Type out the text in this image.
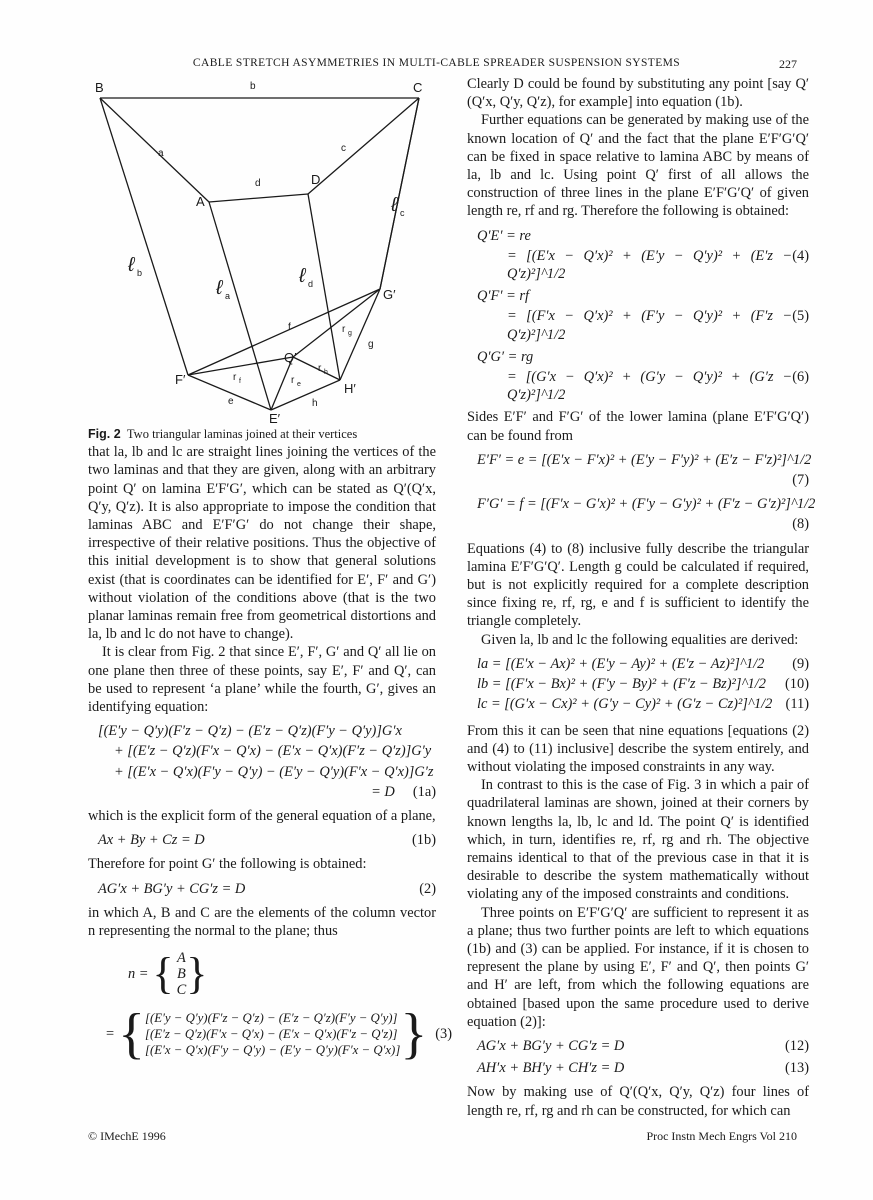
CABLE STRETCH ASYMMETRIES IN MULTI-CABLE SPREADER SUSPENSION SYSTEMS	227
B	C
b
a	c
d	D
A	ℓ c
ℓ b
ℓ a
ℓ d
G′
f	r g
g
Q′
r h
F′	r f	r e	H′
e	h
E′

Fig. 2 Two triangular laminas joined at their vertices

that la, lb and lc are straight lines joining the vertices of the two laminas and that they are given, along with an arbitrary point Q′ on lamina E′F′G′, which can be stated as Q′(Q′x, Q′y, Q′z). It is also appropriate to impose the condition that laminas ABC and E′F′G′ do not change their shape, irrespective of their relative positions. Thus the objective of this initial development is to show that general solutions exist (that is coordinates can be identified for E′, F′ and G′) without violation of the conditions above (that is the two planar laminas remain free from geometrical distortions and la, lb and lc do not have to change).

It is clear from Fig. 2 that since E′, F′, G′ and Q′ all lie on one plane then three of these points, say E′, F′ and Q′, can be used to represent ‘a plane’ while the fourth, G′, gives an identifying equation:

[(E′y − Q′y)(F′z − Q′z) − (E′z − Q′z)(F′y − Q′y)]G′x
+ [(E′z − Q′z)(F′x − Q′x) − (E′x − Q′x)(F′z − Q′z)]G′y
+ [(E′x − Q′x)(F′y − Q′y) − (E′y − Q′y)(F′x − Q′x)]G′z
= D (1a)

which is the explicit form of the general equation of a plane,

Ax + By + Cz = D	(1b)

Therefore for point G′ the following is obtained:

AG′x + BG′y + CG′z = D	(2)

in which A, B and C are the elements of the column vector n representing the normal to the plane; thus

n = { A
B
C }
= { [(E′y − Q′y)(F′z − Q′z) − (E′z − Q′z)(F′y − Q′y)]
[(E′z − Q′z)(F′x − Q′x) − (E′x − Q′x)(F′z − Q′z)]
[(E′x − Q′x)(F′y − Q′y) − (E′y − Q′y)(F′x − Q′x)] } (3)

Clearly D could be found by substituting any point [say Q′(Q′x, Q′y, Q′z), for example] into equation (1b).

Further equations can be generated by making use of the known location of Q′ and the fact that the plane E′F′G′Q′ can be fixed in space relative to lamina ABC by means of la, lb and lc. Using point Q′ first of all allows the construction of three lines in the plane E′F′G′Q′ of given length re, rf and rg. Therefore the following is obtained:

Q′E′ = re
= [(E′x − Q′x)² + (E′y − Q′y)² + (E′z − Q′z)²]^1/2
(4)
Q′F′ = rf
= [(F′x − Q′x)² + (F′y − Q′y)² + (F′z − Q′z)²]^1/2
(5)
Q′G′ = rg
= [(G′x − Q′x)² + (G′y − Q′y)² + (G′z − Q′z)²]^1/2
(6)

Sides E′F′ and F′G′ of the lower lamina (plane E′F′G′Q′) can be found from

E′F′ = e = [(E′x − F′x)² + (E′y − F′y)² + (E′z − F′z)²]^1/2
(7)
F′G′ = f = [(F′x − G′x)² + (F′y − G′y)² + (F′z − G′z)²]^1/2
(8)

Equations (4) to (8) inclusive fully describe the triangular lamina E′F′G′Q′. Length g could be calculated if required, but is not explicitly required for a complete description since fixing re, rf, rg, e and f is sufficient to identify the triangle completely.

Given la, lb and lc the following equalities are derived:

la = [(E′x − Ax)² + (E′y − Ay)² + (E′z − Az)²]^1/2 (9)
lb = [(F′x − Bx)² + (F′y − By)² + (F′z − Bz)²]^1/2 (10)
lc = [(G′x − Cx)² + (G′y − Cy)² + (G′z − Cz)²]^1/2 (11)

From this it can be seen that nine equations [equations (2) and (4) to (11) inclusive] describe the system entirely, and without violating the imposed constraints in any way.

In contrast to this is the case of Fig. 3 in which a pair of quadrilateral laminas are shown, joined at their corners by known lengths la, lb, lc and ld. The point Q′ is identified which, in turn, identifies re, rf, rg and rh. The objective remains identical to that of the previous case in that it is desirable to describe the system mathematically without violating any of the imposed constraints and conditions.

Three points on E′F′G′Q′ are sufficient to represent it as a plane; thus two further points are left to which equations (1b) and (3) can be applied. For instance, if it is chosen to represent the plane by using E′, F′ and Q′, then points G′ and H′ are left, from which the following equations are obtained [based upon the same procedure used to derive equation (2)]:

AG′x + BG′y + CG′z = D	(12)
AH′x + BH′y + CH′z = D	(13)

Now by making use of Q′(Q′x, Q′y, Q′z) four lines of length re, rf, rg and rh can be constructed, for which can

© IMechE 1996	Proc Instn Mech Engrs Vol 210
